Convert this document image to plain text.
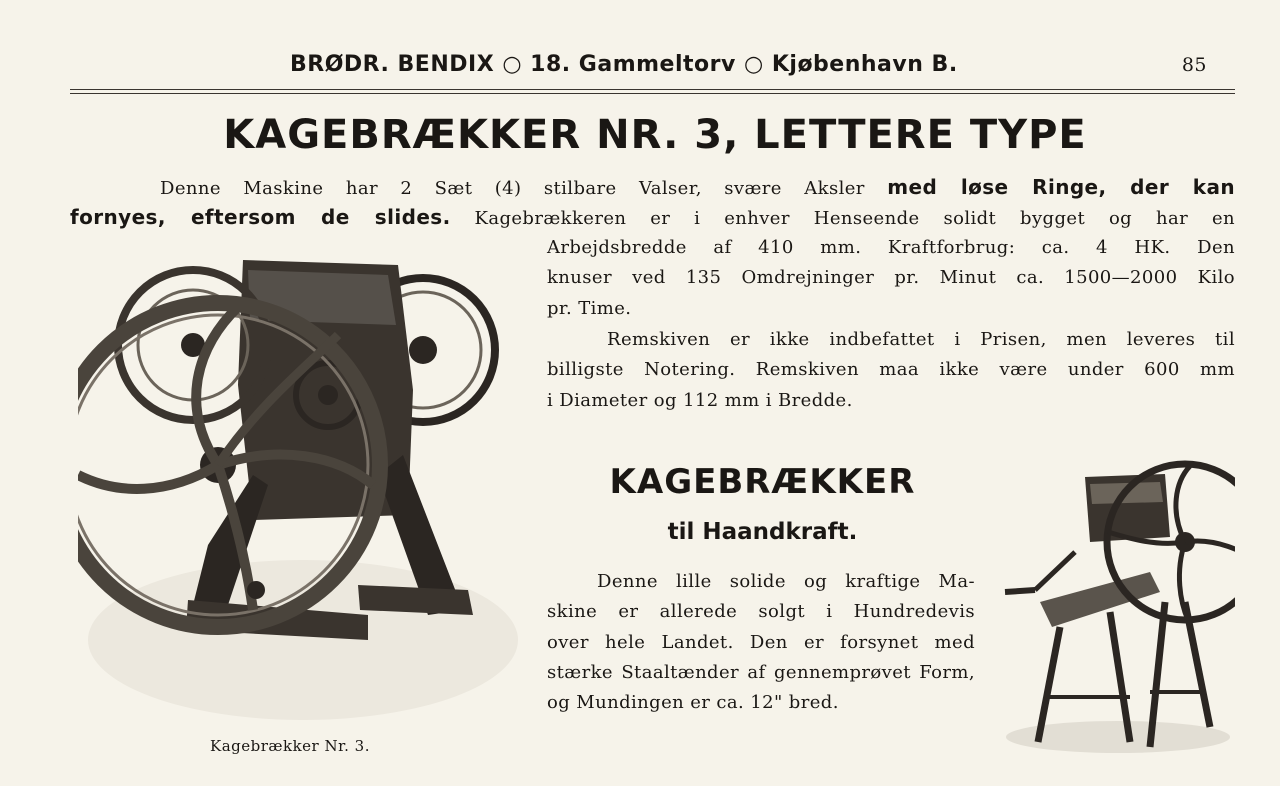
BRØDR. BENDIX ○ 18. Gammeltorv ○ Kjøbenhavn B.	85
KAGEBRÆKKER NR. 3, LETTERE TYPE
Denne Maskine har 2 Sæt (4) stilbare Valser, svære Aksler med løse Ringe, der kan
fornyes, eftersom de slides. Kagebrækkeren er i enhver Henseende solidt bygget og har en
Arbejdsbredde af 410 mm. Kraftforbrug: ca. 4 HK. Den
knuser ved 135 Omdrejninger pr. Minut ca. 1500—2000 Kilo
pr. Time.
Remskiven er ikke indbefattet i Prisen, men leveres til
billigste Notering. Remskiven maa ikke være under 600 mm
i Diameter og 112 mm i Bredde.
Kagebrækker Nr. 3.
KAGEBRÆKKER
til Haandkraft.
Denne lille solide og kraftige Ma-
skine er allerede solgt i Hundredevis
over hele Landet. Den er forsynet med
stærke Staaltænder af gennemprøvet Form,
og Mundingen er ca. 12" bred.
